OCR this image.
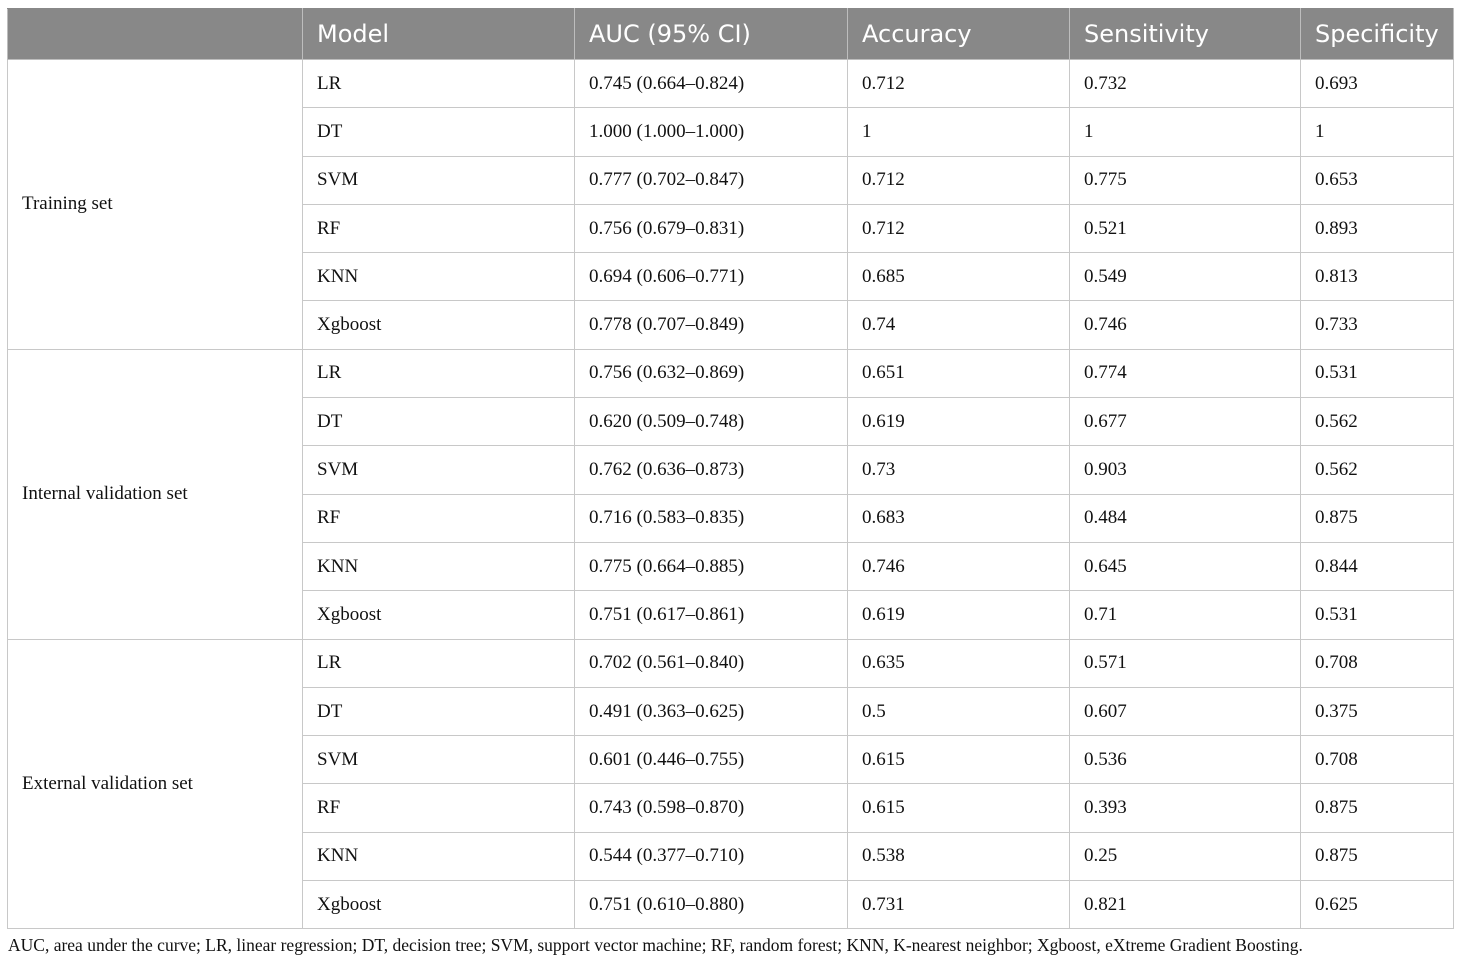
	Model	AUC (95% CI)	Accuracy	Sensitivity	Specificity
Training set	LR	0.745 (0.664–0.824)	0.712	0.732	0.693
	DT	1.000 (1.000–1.000)	1	1	1
	SVM	0.777 (0.702–0.847)	0.712	0.775	0.653
	RF	0.756 (0.679–0.831)	0.712	0.521	0.893
	KNN	0.694 (0.606–0.771)	0.685	0.549	0.813
	Xgboost	0.778 (0.707–0.849)	0.74	0.746	0.733
Internal validation set	LR	0.756 (0.632–0.869)	0.651	0.774	0.531
	DT	0.620 (0.509–0.748)	0.619	0.677	0.562
	SVM	0.762 (0.636–0.873)	0.73	0.903	0.562
	RF	0.716 (0.583–0.835)	0.683	0.484	0.875
	KNN	0.775 (0.664–0.885)	0.746	0.645	0.844
	Xgboost	0.751 (0.617–0.861)	0.619	0.71	0.531
External validation set	LR	0.702 (0.561–0.840)	0.635	0.571	0.708
	DT	0.491 (0.363–0.625)	0.5	0.607	0.375
	SVM	0.601 (0.446–0.755)	0.615	0.536	0.708
	RF	0.743 (0.598–0.870)	0.615	0.393	0.875
	KNN	0.544 (0.377–0.710)	0.538	0.25	0.875
	Xgboost	0.751 (0.610–0.880)	0.731	0.821	0.625
AUC, area under the curve; LR, linear regression; DT, decision tree; SVM, support vector machine; RF, random forest; KNN, K-nearest neighbor; Xgboost, eXtreme Gradient Boosting.
